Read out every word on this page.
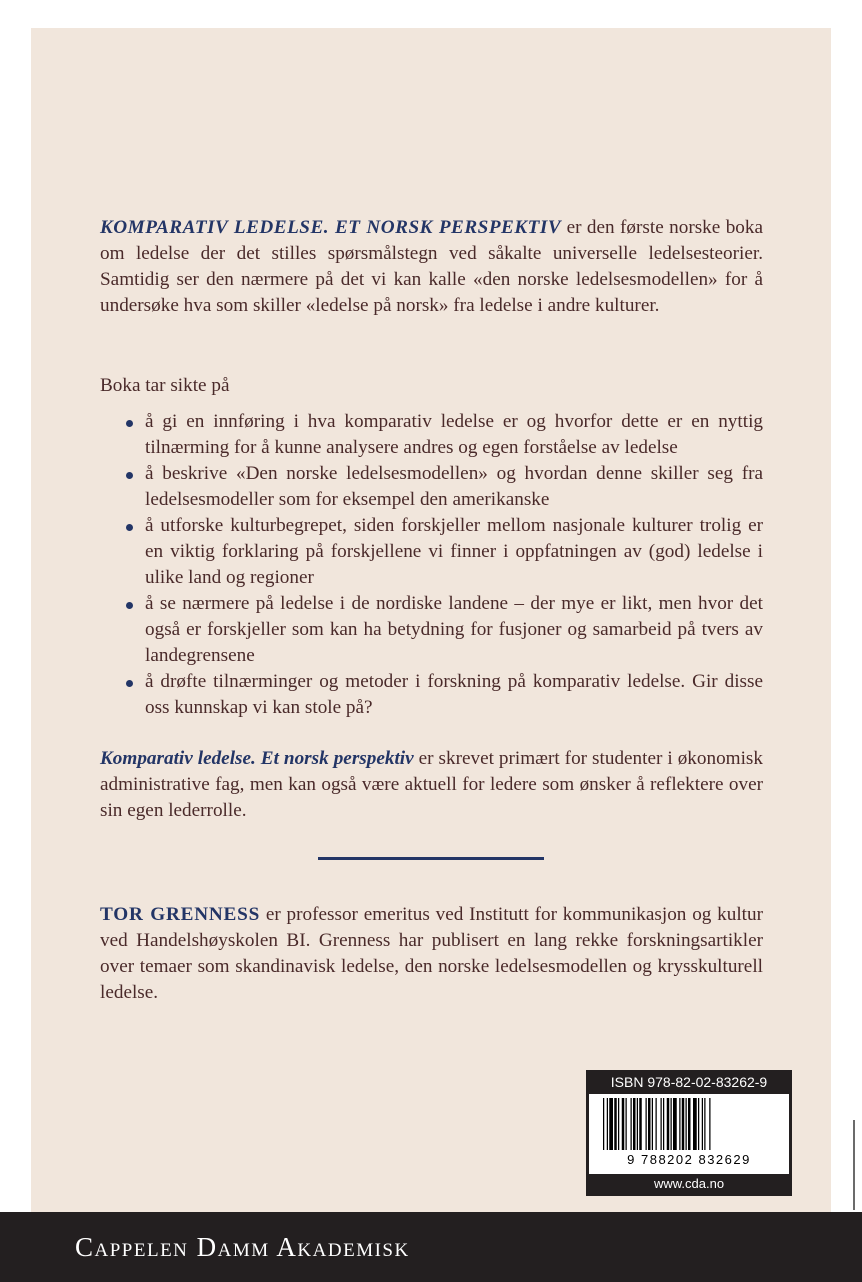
KOMPARATIV LEDELSE. ET NORSK PERSPEKTIV er den første norske boka om ledelse der det stilles spørsmålstegn ved såkalte universelle ledelsesteorier. Samtidig ser den nærmere på det vi kan kalle «den norske ledelsesmodellen» for å undersøke hva som skiller «ledelse på norsk» fra ledelse i andre kulturer.
Boka tar sikte på
å gi en innføring i hva komparativ ledelse er og hvorfor dette er en nyttig tilnærming for å kunne analysere andres og egen forståelse av ledelse
å beskrive «Den norske ledelsesmodellen» og hvordan denne skiller seg fra ledelsesmodeller som for eksempel den amerikanske
å utforske kulturbegrepet, siden forskjeller mellom nasjonale kulturer trolig er en viktig forklaring på forskjellene vi finner i oppfatningen av (god) ledelse i ulike land og regioner
å se nærmere på ledelse i de nordiske landene – der mye er likt, men hvor det også er forskjeller som kan ha betydning for fusjoner og samarbeid på tvers av landegrensene
å drøfte tilnærminger og metoder i forskning på komparativ ledelse. Gir disse oss kunnskap vi kan stole på?
Komparativ ledelse. Et norsk perspektiv er skrevet primært for studenter i økonomisk administrative fag, men kan også være aktuell for ledere som ønsker å reflektere over sin egen lederrolle.
TOR GRENNESS er professor emeritus ved Institutt for kommunikasjon og kultur ved Handelshøyskolen BI. Grenness har publisert en lang rekke forskningsartikler over temaer som skandinavisk ledelse, den norske ledelsesmodellen og krysskulturell ledelse.
ISBN 978-82-02-83262-9
9 788202 832629
www.cda.no
Cappelen Damm Akademisk
